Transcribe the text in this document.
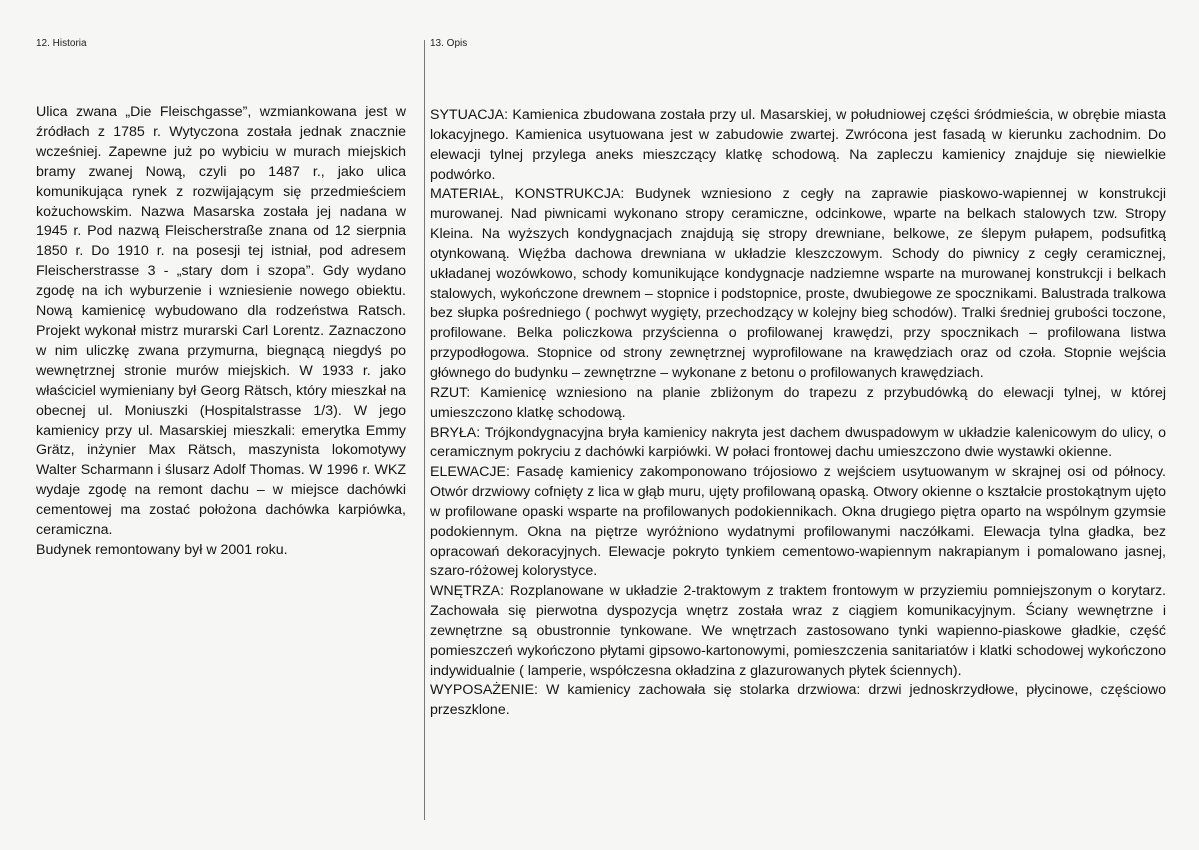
12. Historia	13. Opis

Ulica zwana „Die Fleischgasse”, wzmiankowana jest w źródłach z 1785 r. Wytyczona została jednak znacznie wcześniej. Zapewne już po wybiciu w murach miejskich bramy zwanej Nową, czyli po 1487 r., jako ulica komunikująca rynek z rozwijającym się przedmieściem kożuchowskim. Nazwa Masarska została jej nadana w 1945 r. Pod nazwą Fleischerstraße znana od 12 sierpnia 1850 r. Do 1910 r. na posesji tej istniał, pod adresem Fleischerstrasse 3 - „stary dom i szopa”. Gdy wydano zgodę na ich wyburzenie i wzniesienie nowego obiektu. Nową kamienicę wybudowano dla rodzeństwa Ratsch. Projekt wykonał mistrz murarski Carl Lorentz. Zaznaczono w nim uliczkę zwana przymurna, biegnącą niegdyś po wewnętrznej stronie murów miejskich. W 1933 r. jako właściciel wymieniany był Georg Rätsch, który mieszkał na obecnej ul. Moniuszki (Hospitalstrasse 1/3). W jego kamienicy przy ul. Masarskiej mieszkali: emerytka Emmy Grätz, inżynier Max Rätsch, maszynista lokomotywy Walter Scharmann i ślusarz Adolf Thomas. W 1996 r. WKZ wydaje zgodę na remont dachu – w miejsce dachówki cementowej ma zostać położona dachówka karpiówka, ceramiczna.

Budynek remontowany był w 2001 roku.

SYTUACJA: Kamienica zbudowana została przy ul. Masarskiej, w południowej części śródmieścia, w obrębie miasta lokacyjnego. Kamienica usytuowana jest w zabudowie zwartej. Zwrócona jest fasadą w kierunku zachodnim. Do elewacji tylnej przylega aneks mieszczący klatkę schodową. Na zapleczu kamienicy znajduje się niewielkie podwórko.

MATERIAŁ, KONSTRUKCJA: Budynek wzniesiono z cegły na zaprawie piaskowo-wapiennej w konstrukcji murowanej. Nad piwnicami wykonano stropy ceramiczne, odcinkowe, wparte na belkach stalowych tzw. Stropy Kleina. Na wyższych kondygnacjach znajdują się stropy drewniane, belkowe, ze ślepym pułapem, podsufitką otynkowaną. Więźba dachowa drewniana w układzie kleszczowym. Schody do piwnicy z cegły ceramicznej, układanej wozówkowo, schody komunikujące kondygnacje nadziemne wsparte na murowanej konstrukcji i belkach stalowych, wykończone drewnem – stopnice i podstopnice, proste, dwubiegowe ze spocznikami. Balustrada tralkowa bez słupka pośredniego ( pochwyt wygięty, przechodzący w kolejny bieg schodów). Tralki średniej grubości toczone, profilowane. Belka policzkowa przyścienna o profilowanej krawędzi, przy spocznikach – profilowana listwa przypodłogowa. Stopnice od strony zewnętrznej wyprofilowane na krawędziach oraz od czoła. Stopnie wejścia głównego do budynku – zewnętrzne – wykonane z betonu o profilowanych krawędziach.

RZUT: Kamienicę wzniesiono na planie zbliżonym do trapezu z przybudówką do elewacji tylnej, w której umieszczono klatkę schodową.

BRYŁA: Trójkondygnacyjna bryła kamienicy nakryta jest dachem dwuspadowym w układzie kalenicowym do ulicy, o ceramicznym pokryciu z dachówki karpiówki. W połaci frontowej dachu umieszczono dwie wystawki okienne.

ELEWACJE: Fasadę kamienicy zakomponowano trójosiowo z wejściem usytuowanym w skrajnej osi od północy. Otwór drzwiowy cofnięty z lica w głąb muru, ujęty profilowaną opaską. Otwory okienne o kształcie prostokątnym ujęto w profilowane opaski wsparte na profilowanych podokiennikach. Okna drugiego piętra oparto na wspólnym gzymsie podokiennym. Okna na piętrze wyróżniono wydatnymi profilowanymi naczółkami. Elewacja tylna gładka, bez opracowań dekoracyjnych. Elewacje pokryto tynkiem cementowo-wapiennym nakrapianym i pomalowano jasnej, szaro-różowej kolorystyce.

WNĘTRZA: Rozplanowane w układzie 2-traktowym z traktem frontowym w przyziemiu pomniejszonym o korytarz. Zachowała się pierwotna dyspozycja wnętrz została wraz z ciągiem komunikacyjnym. Ściany wewnętrzne i zewnętrzne są obustronnie tynkowane. We wnętrzach zastosowano tynki wapienno-piaskowe gładkie, część pomieszczeń wykończono płytami gipsowo-kartonowymi, pomieszczenia sanitariatów i klatki schodowej wykończono indywidualnie ( lamperie, współczesna okładzina z glazurowanych płytek ściennych).

WYPOSAŻENIE: W kamienicy zachowała się stolarka drzwiowa: drzwi jednoskrzydłowe, płycinowe, częściowo przeszklone.
